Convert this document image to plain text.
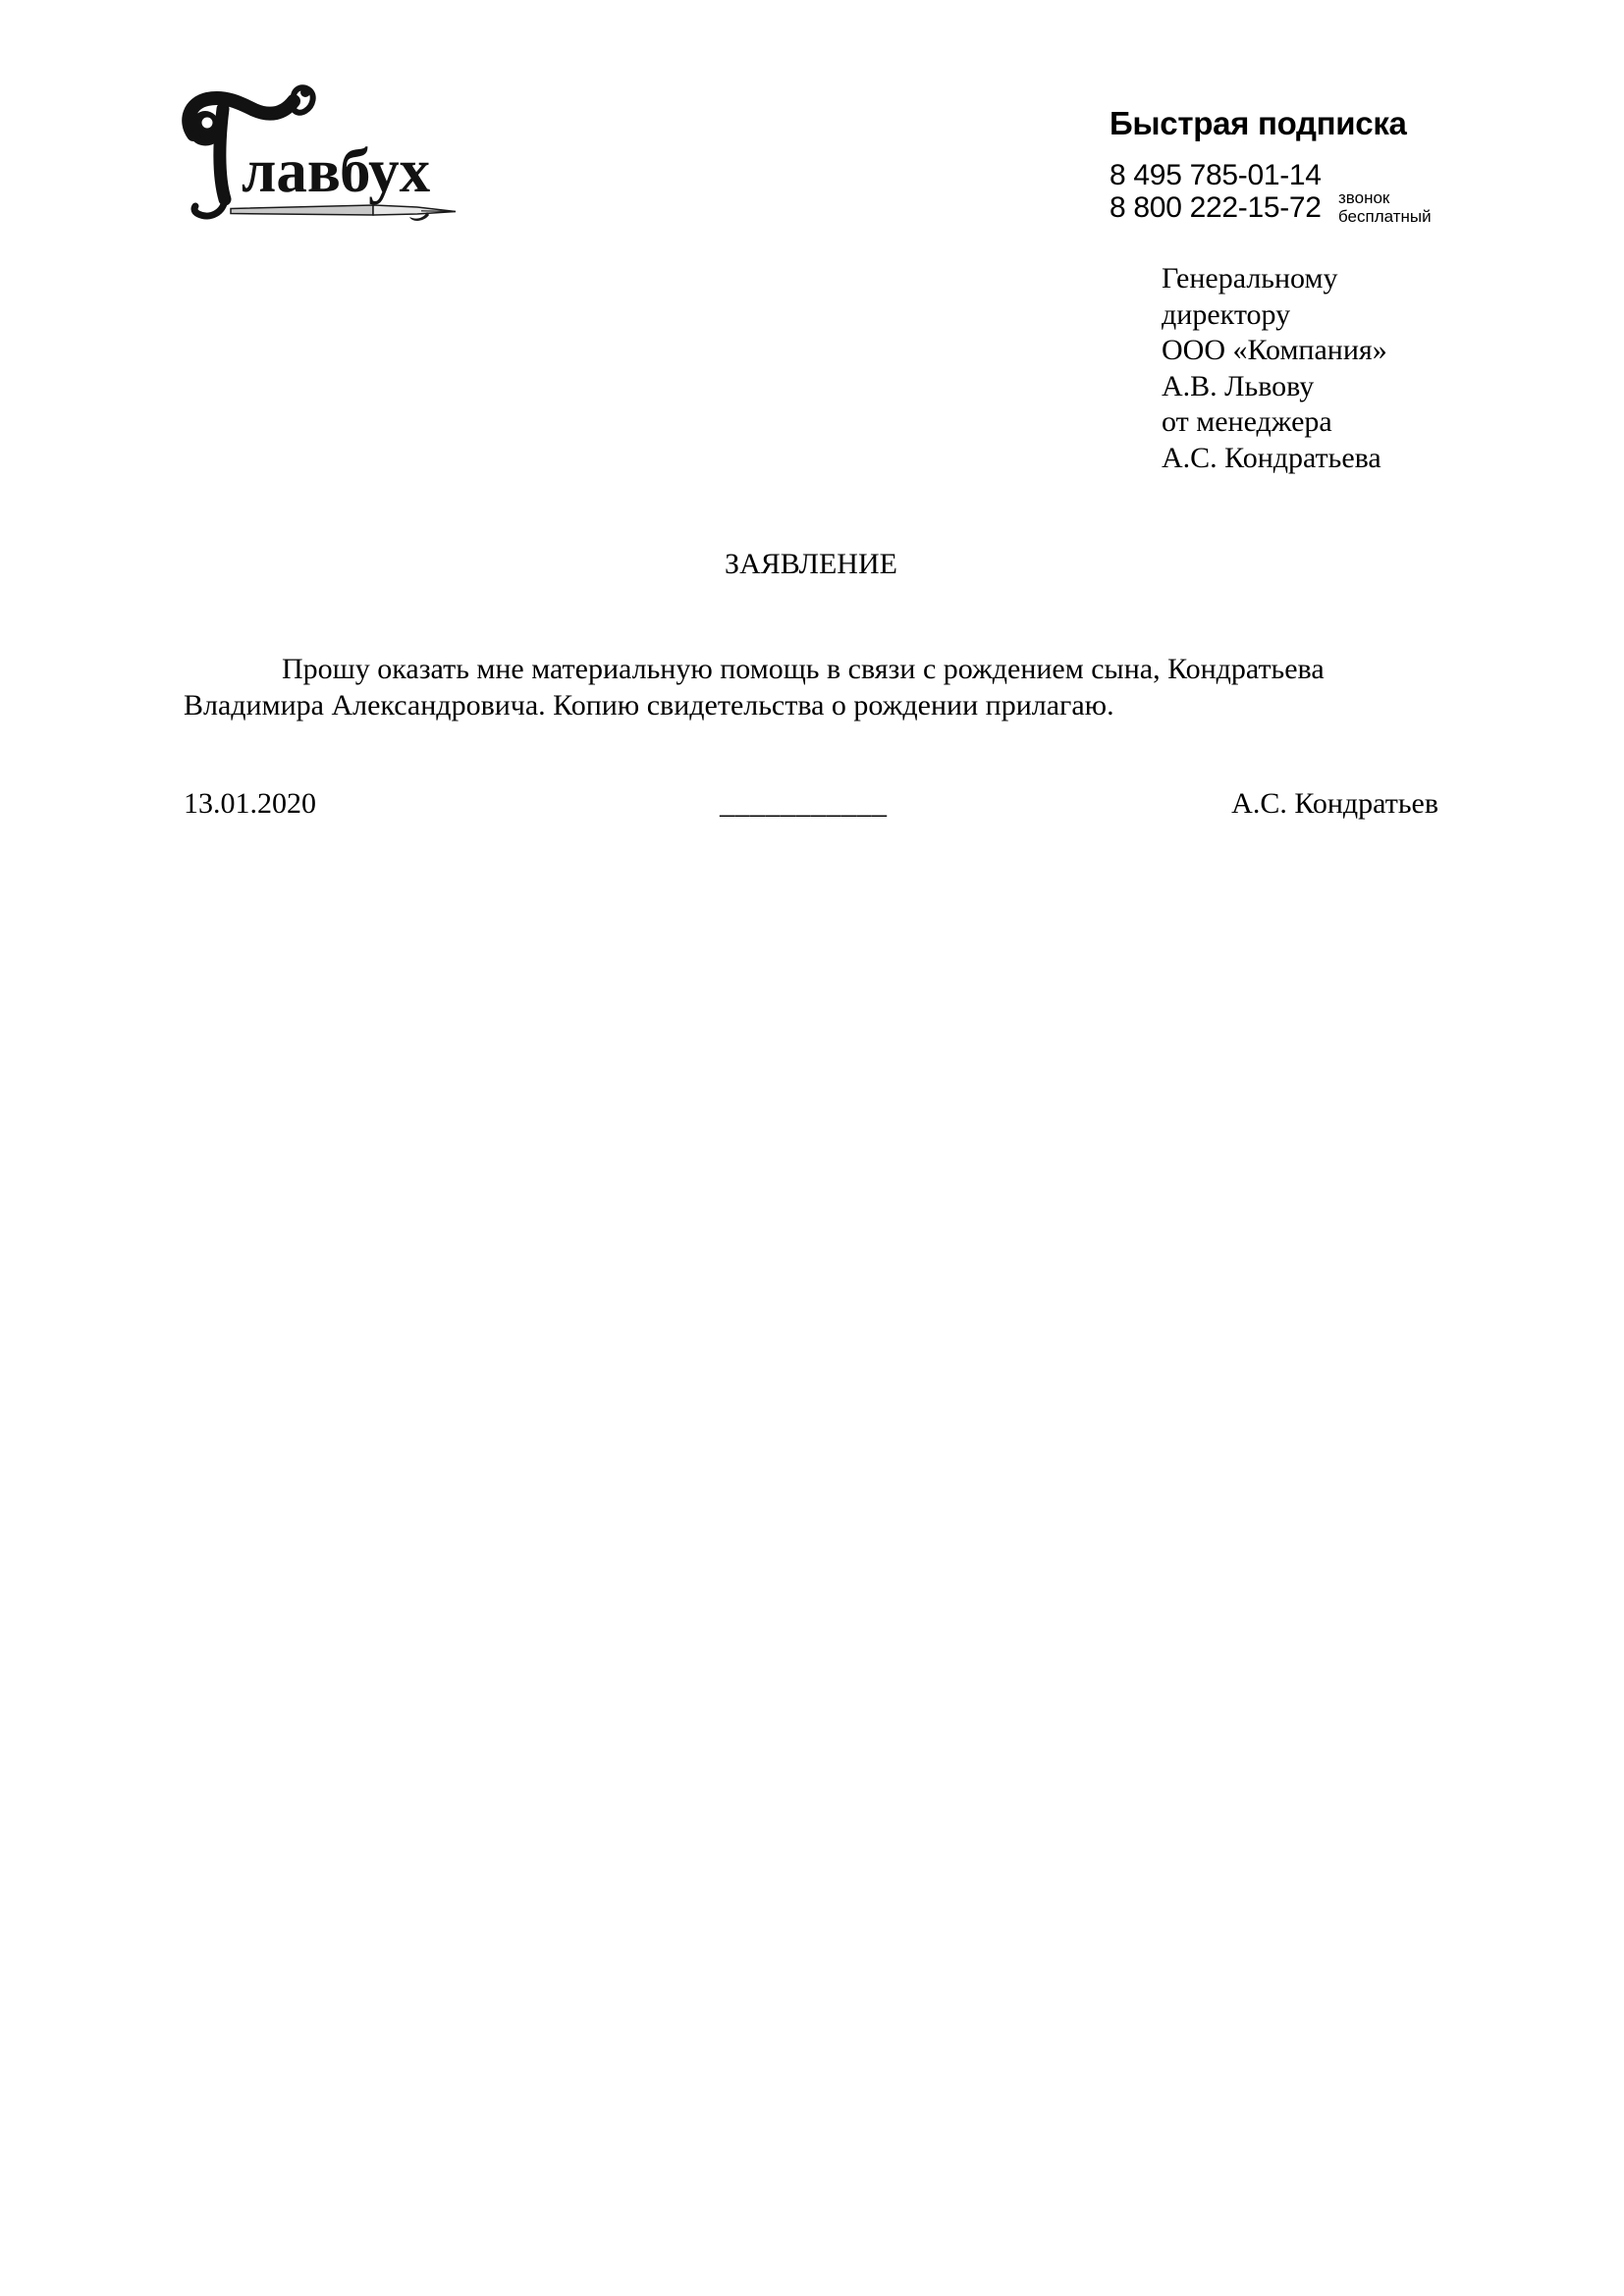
лавбух
Быстрая подписка
8 495 785-01-14
8 800 222-15-72	звонок
бесплатный
Генеральному
директору
ООО «Компания»
А.В. Львову
от менеджера
А.С. Кондратьева
ЗАЯВЛЕНИЕ

Прошу оказать мне материальную помощь в связи с рождением сына, Кондратьева Владимира Александровича. Копию свидетельства о рождении прилагаю.

13.01.2020	___________	А.С. Кондратьев
